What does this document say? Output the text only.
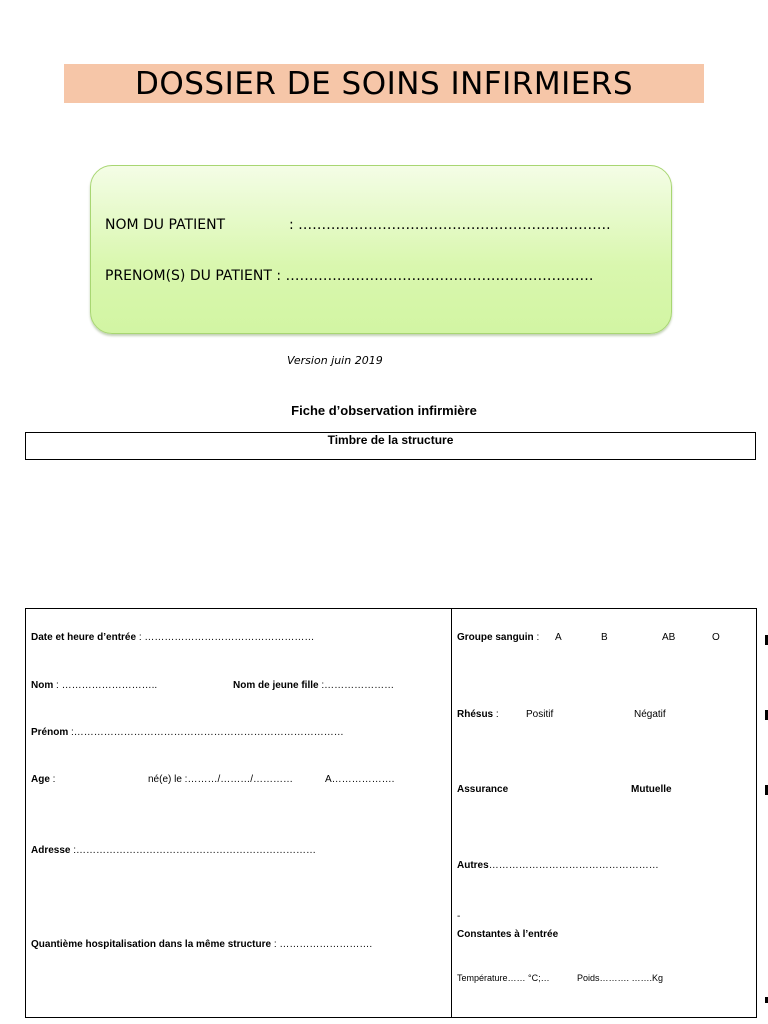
DOSSIER DE SOINS INFIRMIERS
NOM DU PATIENT	: ………………………………………………………….
PRENOM(S) DU PATIENT : …………………………………………………………
Version juin 2019
Fiche d’observation infirmière
Timbre de la structure
Date et heure d’entrée : ……………………………………………
Nom : ………………………..	Nom de jeune fille :…………………
Prénom :………………………………………………………………………
Age :	né(e) le :………/………/…………	A……………….
Adresse :………………………………………………………………
Quantième hospitalisation dans la même structure : ……………………….
Groupe sanguin : A	B	AB	O
Rhésus :	Positif	Négatif
Assurance	Mutuelle
Autres……………………………………………
-
Constantes à l’entrée
Température…… °C;…	Poids………. …….Kg
